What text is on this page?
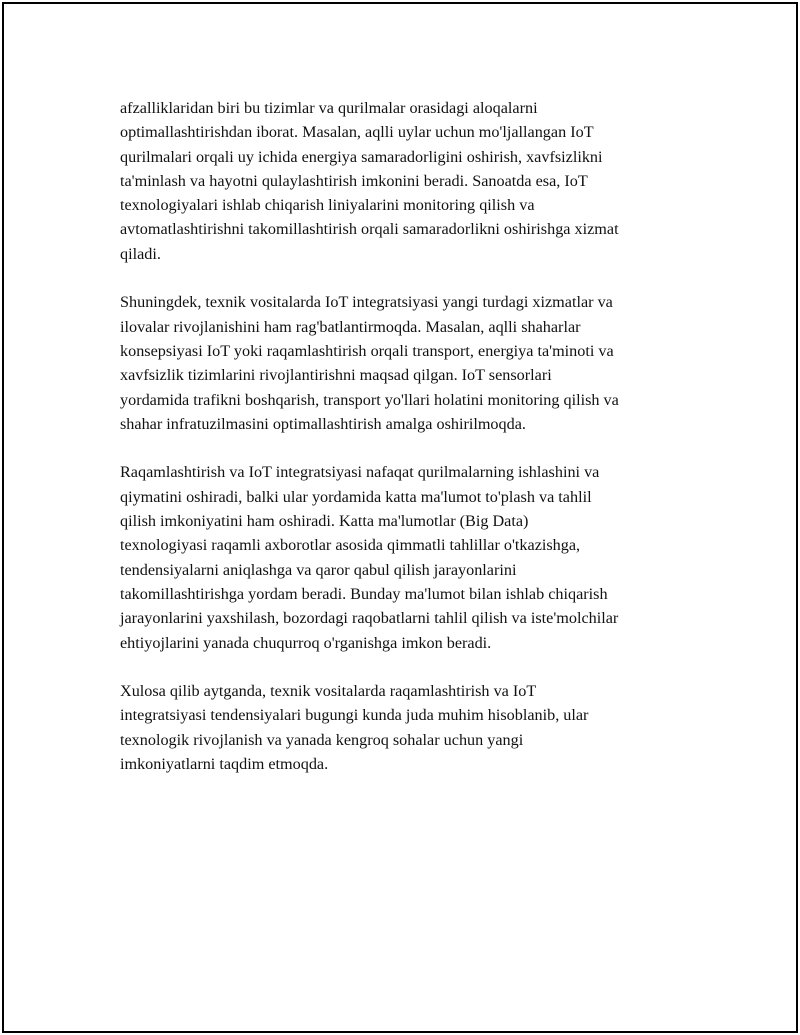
afzalliklaridan biri bu tizimlar va qurilmalar orasidagi aloqalarni
optimallashtirishdan iborat. Masalan, aqlli uylar uchun mo'ljallangan IoT
qurilmalari orqali uy ichida energiya samaradorligini oshirish, xavfsizlikni
ta'minlash va hayotni qulaylashtirish imkonini beradi. Sanoatda esa, IoT
texnologiyalari ishlab chiqarish liniyalarini monitoring qilish va
avtomatlashtirishni takomillashtirish orqali samaradorlikni oshirishga xizmat
qiladi.

Shuningdek, texnik vositalarda IoT integratsiyasi yangi turdagi xizmatlar va
ilovalar rivojlanishini ham rag'batlantirmoqda. Masalan, aqlli shaharlar
konsepsiyasi IoT yoki raqamlashtirish orqali transport, energiya ta'minoti va
xavfsizlik tizimlarini rivojlantirishni maqsad qilgan. IoT sensorlari
yordamida trafikni boshqarish, transport yo'llari holatini monitoring qilish va
shahar infratuzilmasini optimallashtirish amalga oshirilmoqda.

Raqamlashtirish va IoT integratsiyasi nafaqat qurilmalarning ishlashini va
qiymatini oshiradi, balki ular yordamida katta ma'lumot to'plash va tahlil
qilish imkoniyatini ham oshiradi. Katta ma'lumotlar (Big Data)
texnologiyasi raqamli axborotlar asosida qimmatli tahlillar o'tkazishga,
tendensiyalarni aniqlashga va qaror qabul qilish jarayonlarini
takomillashtirishga yordam beradi. Bunday ma'lumot bilan ishlab chiqarish
jarayonlarini yaxshilash, bozordagi raqobatlarni tahlil qilish va iste'molchilar
ehtiyojlarini yanada chuqurroq o'rganishga imkon beradi.

Xulosa qilib aytganda, texnik vositalarda raqamlashtirish va IoT
integratsiyasi tendensiyalari bugungi kunda juda muhim hisoblanib, ular
texnologik rivojlanish va yanada kengroq sohalar uchun yangi
imkoniyatlarni taqdim etmoqda.
